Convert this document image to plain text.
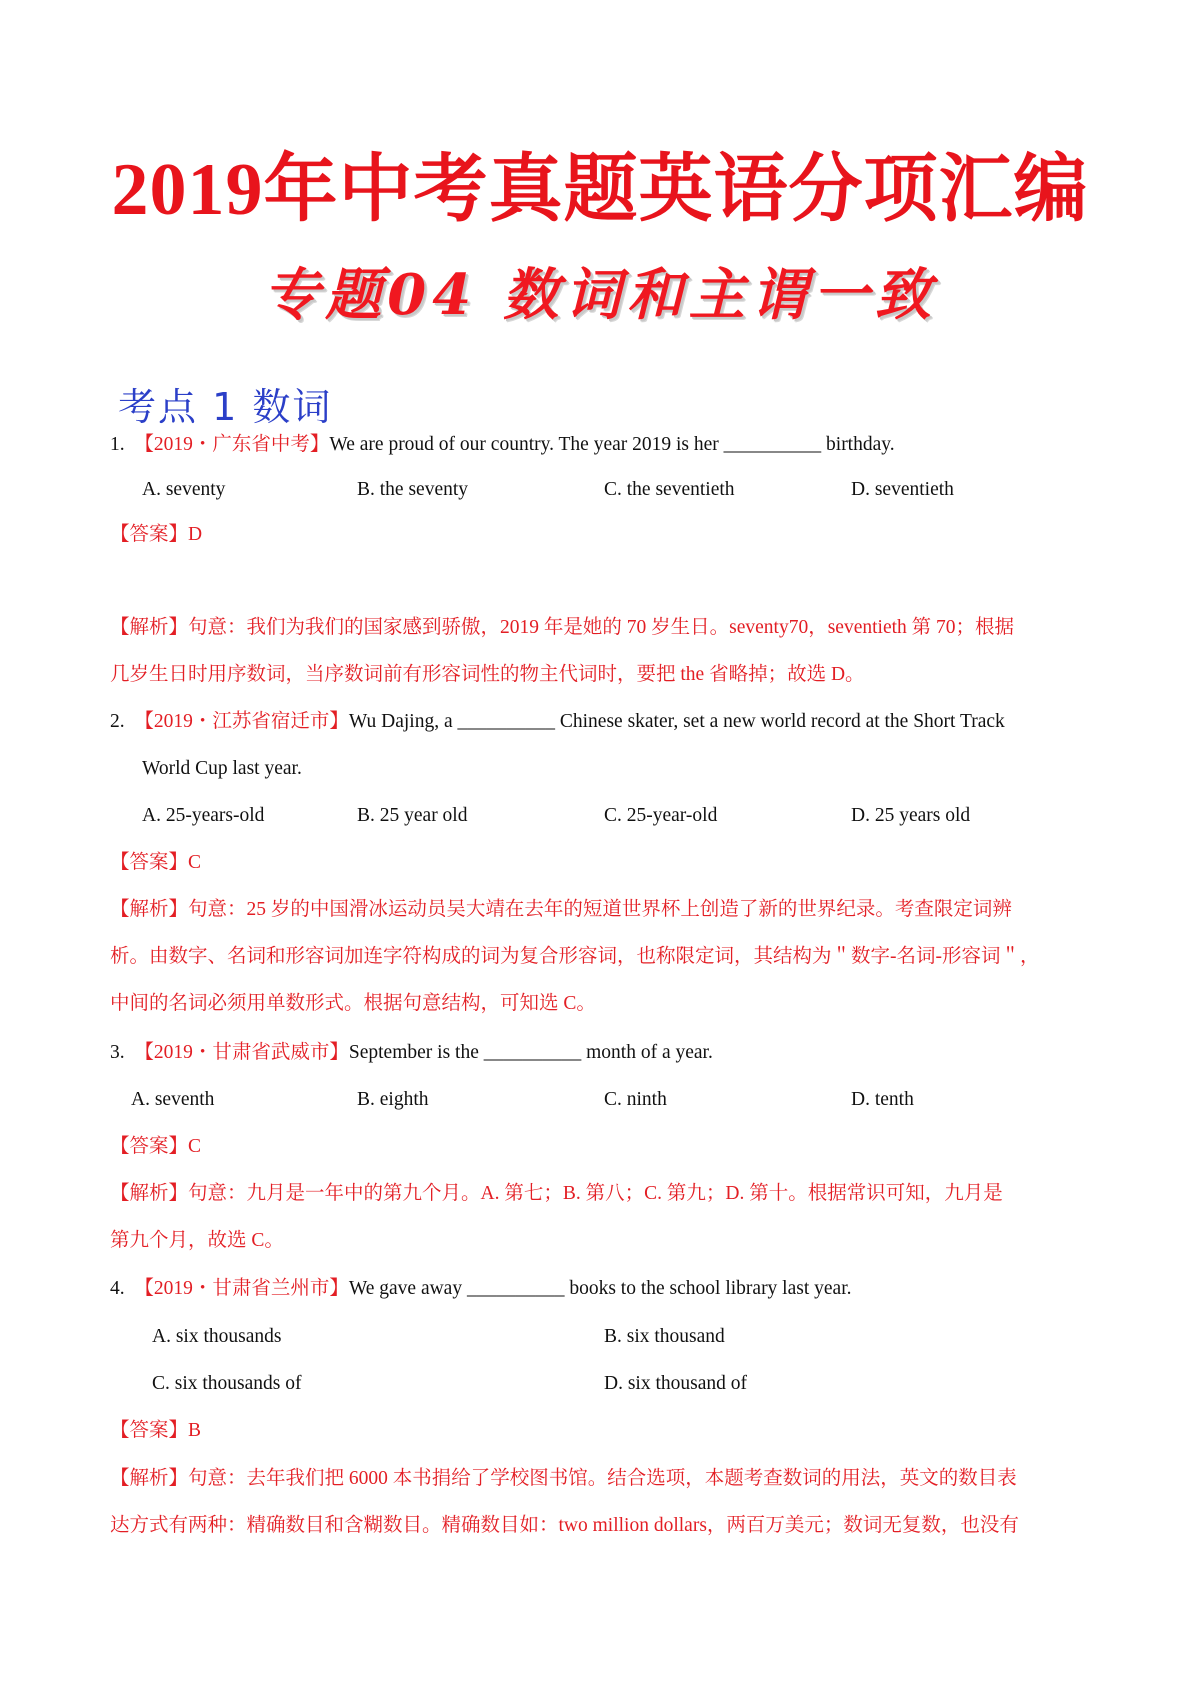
2019年中考真题英语分项汇编
专题04 数词和主谓一致
考点 1 数词
1. 【2019・广东省中考】We are proud of our country. The year 2019 is her __________ birthday.
A. seventy	B. the seventy	C. the seventieth	D. seventieth
【答案】D
【解析】句意：我们为我们的国家感到骄傲，2019 年是她的 70 岁生日。seventy70，seventieth 第 70；根据
几岁生日时用序数词，当序数词前有形容词性的物主代词时，要把 the 省略掉；故选 D。
2. 【2019・江苏省宿迁市】Wu Dajing, a __________ Chinese skater, set a new world record at the Short Track
World Cup last year.
A. 25-years-old	B. 25 year old	C. 25-year-old	D. 25 years old
【答案】C
【解析】句意：25 岁的中国滑冰运动员吴大靖在去年的短道世界杯上创造了新的世界纪录。考查限定词辨
析。由数字、名词和形容词加连字符构成的词为复合形容词，也称限定词，其结构为＂数字-名词-形容词＂，
中间的名词必须用单数形式。根据句意结构，可知选 C。
3. 【2019・甘肃省武威市】September is the __________ month of a year.
A. seventh	B. eighth	C. ninth	D. tenth
【答案】C
【解析】句意：九月是一年中的第九个月。A. 第七；B. 第八；C. 第九；D. 第十。根据常识可知，九月是
第九个月，故选 C。
4. 【2019・甘肃省兰州市】We gave away __________ books to the school library last year.
A. six thousands	B. six thousand
C. six thousands of	D. six thousand of
【答案】B
【解析】句意：去年我们把 6000 本书捐给了学校图书馆。结合选项，本题考查数词的用法，英文的数目表
达方式有两种：精确数目和含糊数目。精确数目如：two million dollars，两百万美元；数词无复数，也没有
